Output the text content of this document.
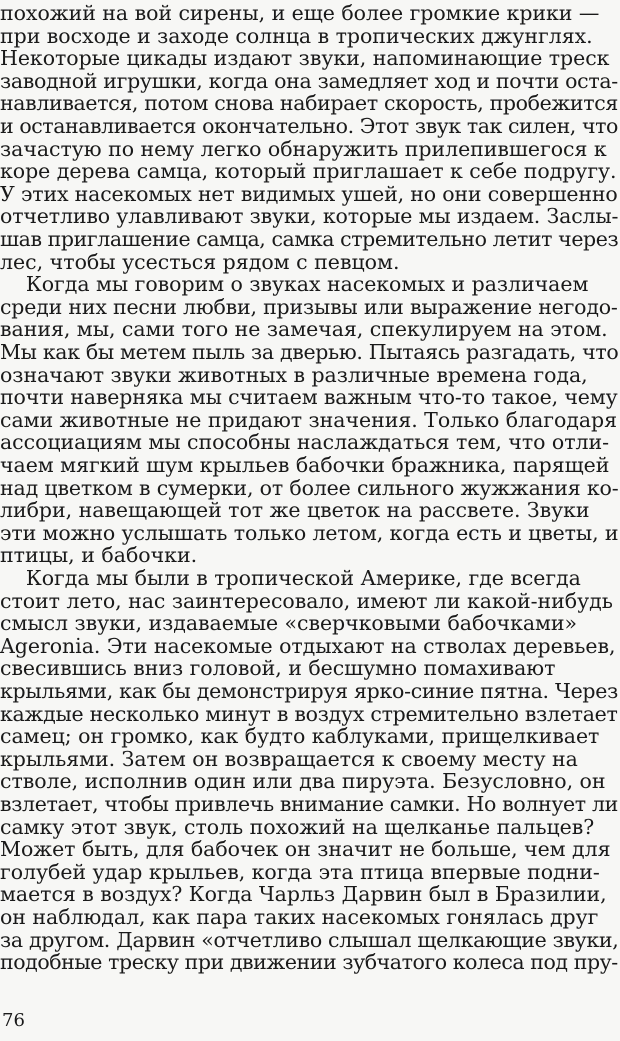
похожий на вой сирены, и еще более громкие крики —
при восходе и заходе солнца в тропических джунглях.
Некоторые цикады издают звуки, напоминающие треск
заводной игрушки, когда она замедляет ход и почти оста-
навливается, потом снова набирает скорость, пробежится
и останавливается окончательно. Этот звук так силен, что
зачастую по нему легко обнаружить прилепившегося к
коре дерева самца, который приглашает к себе подругу.
У этих насекомых нет видимых ушей, но они совершенно
отчетливо улавливают звуки, которые мы издаем. Заслы-
шав приглашение самца, самка стремительно летит через
лес, чтобы усесться рядом с певцом.
Когда мы говорим о звуках насекомых и различаем
среди них песни любви, призывы или выражение негодо-
вания, мы, сами того не замечая, спекулируем на этом.
Мы как бы метем пыль за дверью. Пытаясь разгадать, что
означают звуки животных в различные времена года,
почти наверняка мы считаем важным что-то такое, чему
сами животные не придают значения. Только благодаря
ассоциациям мы способны наслаждаться тем, что отли-
чаем мягкий шум крыльев бабочки бражника, парящей
над цветком в сумерки, от более сильного жужжания ко-
либри, навещающей тот же цветок на рассвете. Звуки
эти можно услышать только летом, когда есть и цветы, и
птицы, и бабочки.
Когда мы были в тропической Америке, где всегда
стоит лето, нас заинтересовало, имеют ли какой-нибудь
смысл звуки, издаваемые «сверчковыми бабочками»
Ageronia. Эти насекомые отдыхают на стволах деревьев,
свесившись вниз головой, и бесшумно помахивают
крыльями, как бы демонстрируя ярко-синие пятна. Через
каждые несколько минут в воздух стремительно взлетает
самец; он громко, как будто каблуками, прищелкивает
крыльями. Затем он возвращается к своему месту на
стволе, исполнив один или два пируэта. Безусловно, он
взлетает, чтобы привлечь внимание самки. Но волнует ли
самку этот звук, столь похожий на щелканье пальцев?
Может быть, для бабочек он значит не больше, чем для
голубей удар крыльев, когда эта птица впервые подни-
мается в воздух? Когда Чарльз Дарвин был в Бразилии,
он наблюдал, как пара таких насекомых гонялась друг
за другом. Дарвин «отчетливо слышал щелкающие звуки,
подобные треску при движении зубчатого колеса под пру-
76
